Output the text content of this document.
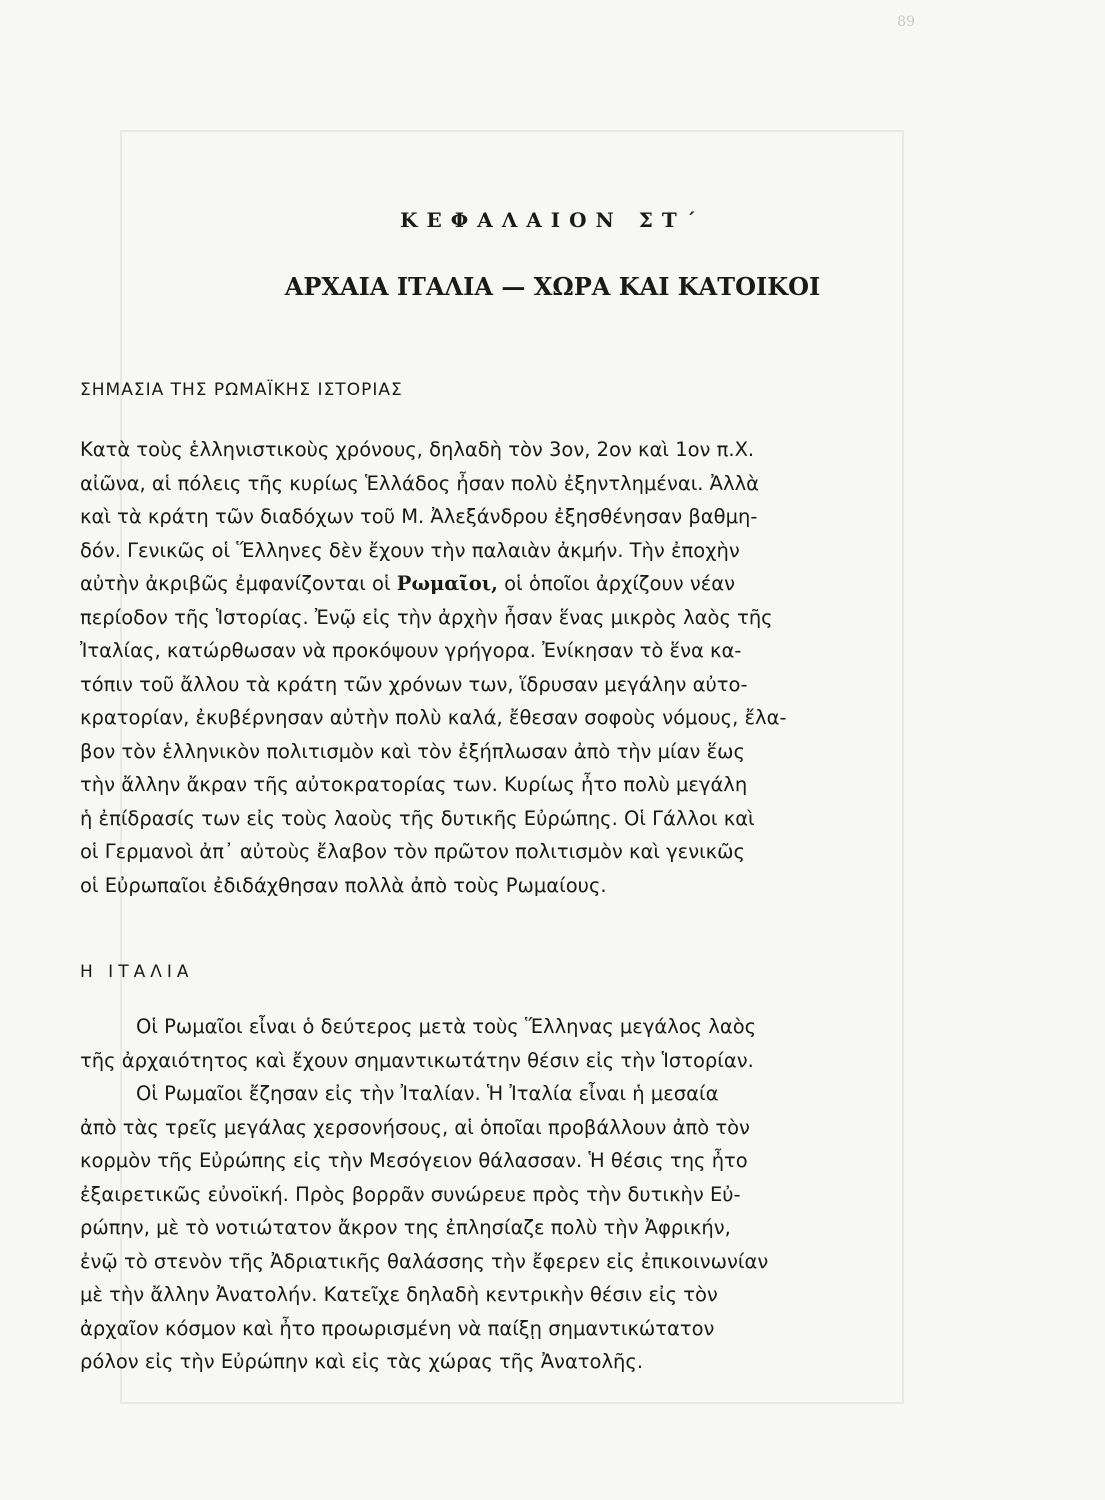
89
ΚΕΦΑΛΑΙΟΝ ΣΤ΄
ΑΡΧΑΙΑ ΙΤΑΛΙΑ — ΧΩΡΑ ΚΑΙ ΚΑΤΟΙΚΟΙ
ΣΗΜΑΣΙΑ ΤΗΣ ΡΩΜΑΪΚΗΣ ΙΣΤΟΡΙΑΣ
Κατὰ τοὺς ἑλληνιστικοὺς χρόνους, δηλαδὴ τὸν 3ον, 2ον καὶ 1ον π.Χ.
αἰῶνα, αἱ πόλεις τῆς κυρίως Ἑλλάδος ἦσαν πολὺ ἐξηντλημέναι. Ἀλλὰ
καὶ τὰ κράτη τῶν διαδόχων τοῦ Μ. Ἀλεξάνδρου ἐξησθένησαν βαθμη-
δόν. Γενικῶς οἱ Ἕλληνες δὲν ἔχουν τὴν παλαιὰν ἀκμήν. Τὴν ἐποχὴν
αὐτὴν ἀκριβῶς ἐμφανίζονται οἱ Ρωμαῖοι, οἱ ὁποῖοι ἀρχίζουν νέαν
περίοδον τῆς Ἱστορίας. Ἐνῷ εἰς τὴν ἀρχὴν ἦσαν ἕνας μικρὸς λαὸς τῆς
Ἰταλίας, κατώρθωσαν νὰ προκόψουν γρήγορα. Ἐνίκησαν τὸ ἕνα κα-
τόπιν τοῦ ἄλλου τὰ κράτη τῶν χρόνων των, ἵδρυσαν μεγάλην αὐτο-
κρατορίαν, ἐκυβέρνησαν αὐτὴν πολὺ καλά, ἔθεσαν σοφοὺς νόμους, ἔλα-
βον τὸν ἑλληνικὸν πολιτισμὸν καὶ τὸν ἐξήπλωσαν ἀπὸ τὴν μίαν ἕως
τὴν ἄλλην ἄκραν τῆς αὐτοκρατορίας των. Κυρίως ἦτο πολὺ μεγάλη
ἡ ἐπίδρασίς των εἰς τοὺς λαοὺς τῆς δυτικῆς Εὐρώπης. Οἱ Γάλλοι καὶ
οἱ Γερμανοὶ ἀπ᾿ αὐτοὺς ἔλαβον τὸν πρῶτον πολιτισμὸν καὶ γενικῶς
οἱ Εὐρωπαῖοι ἐδιδάχθησαν πολλὰ ἀπὸ τοὺς Ρωμαίους.
Η ΙΤΑΛΙΑ
Οἱ Ρωμαῖοι εἶναι ὁ δεύτερος μετὰ τοὺς Ἕλληνας μεγάλος λαὸς
τῆς ἀρχαιότητος καὶ ἔχουν σημαντικωτάτην θέσιν εἰς τὴν Ἱστορίαν.
Οἱ Ρωμαῖοι ἔζησαν εἰς τὴν Ἰταλίαν. Ἡ Ἰταλία εἶναι ἡ μεσαία
ἀπὸ τὰς τρεῖς μεγάλας χερσονήσους, αἱ ὁποῖαι προβάλλουν ἀπὸ τὸν
κορμὸν τῆς Εὐρώπης εἰς τὴν Μεσόγειον θάλασσαν. Ἡ θέσις της ἦτο
ἐξαιρετικῶς εὐνοϊκή. Πρὸς βορρᾶν συνώρευε πρὸς τὴν δυτικὴν Εὐ-
ρώπην, μὲ τὸ νοτιώτατον ἄκρον της ἐπλησίαζε πολὺ τὴν Ἀφρικήν,
ἐνῷ τὸ στενὸν τῆς Ἀδριατικῆς θαλάσσης τὴν ἔφερεν εἰς ἐπικοινωνίαν
μὲ τὴν ἄλλην Ἀνατολήν. Κατεῖχε δηλαδὴ κεντρικὴν θέσιν εἰς τὸν
ἀρχαῖον κόσμον καὶ ἦτο προωρισμένη νὰ παίξῃ σημαντικώτατον
ρόλον εἰς τὴν Εὐρώπην καὶ εἰς τὰς χώρας τῆς Ἀνατολῆς.
